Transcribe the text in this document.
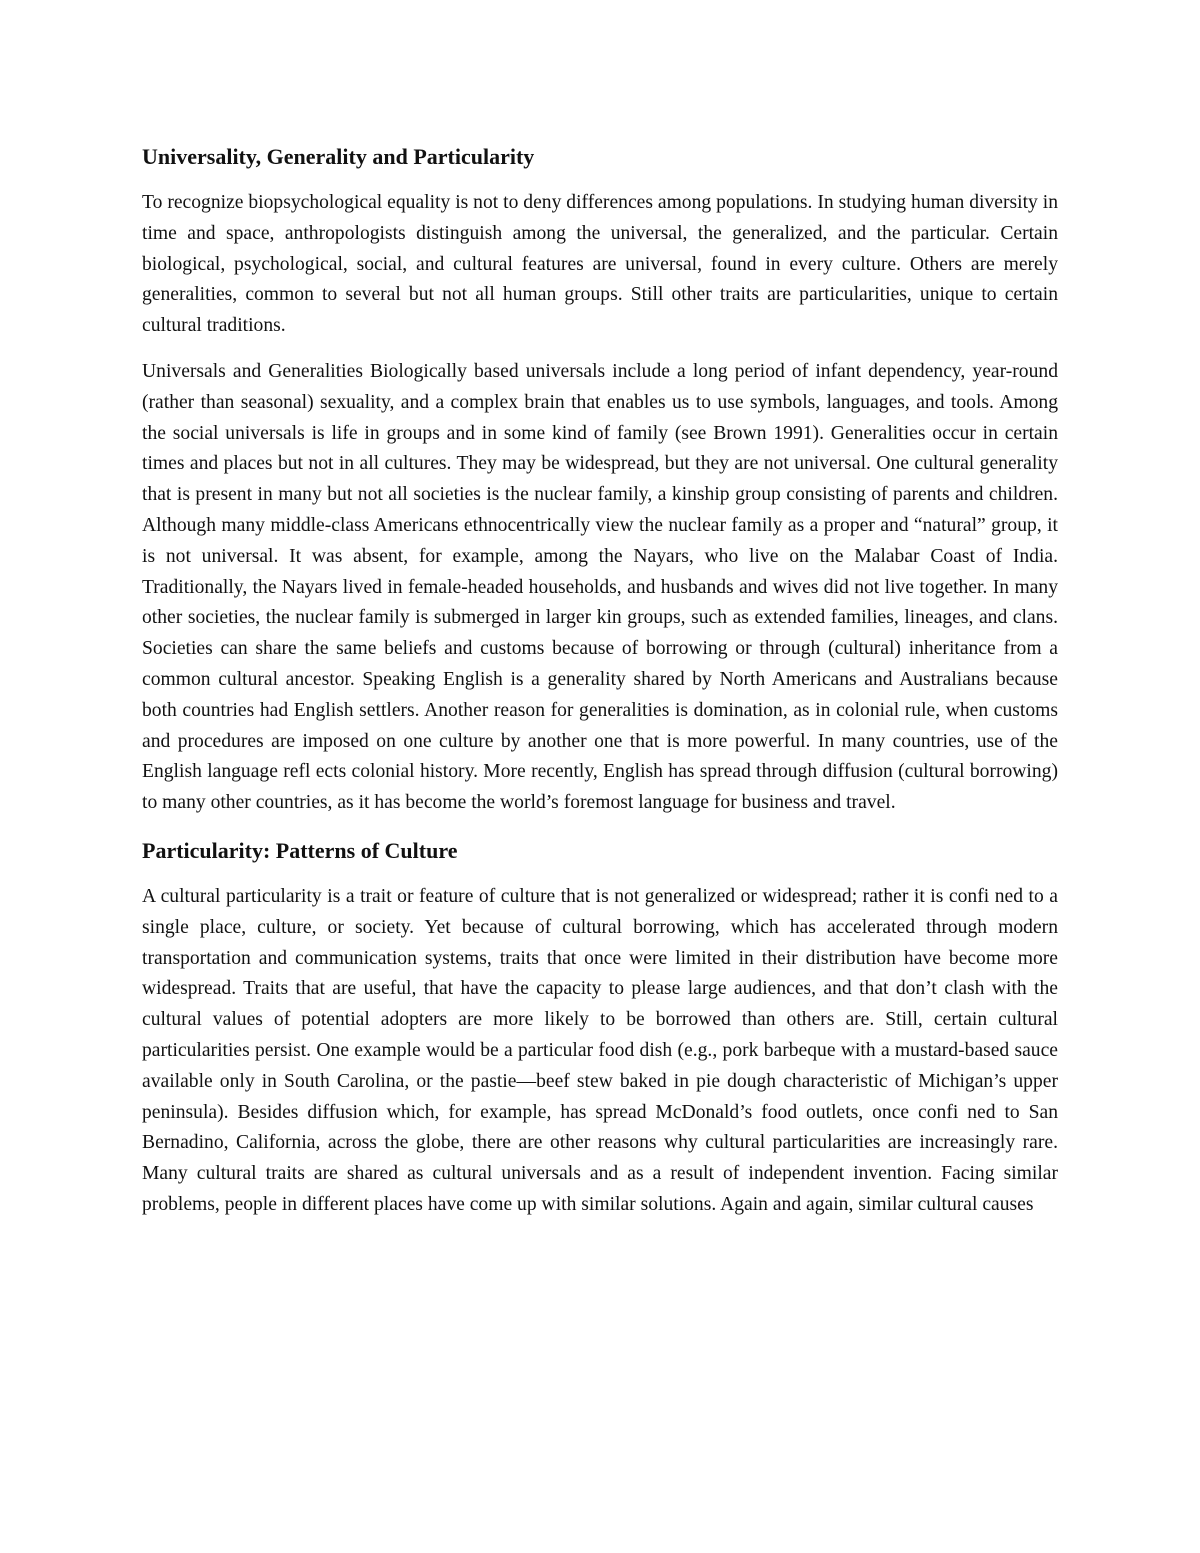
Universality, Generality and Particularity

To recognize biopsychological equality is not to deny differences among populations. In studying human diversity in time and space, anthropologists distinguish among the universal, the generalized, and the particular. Certain biological, psychological, social, and cultural features are universal, found in every culture. Others are merely generalities, common to several but not all human groups. Still other traits are particularities, unique to certain cultural traditions.

Universals and Generalities Biologically based universals include a long period of infant dependency, year-round (rather than seasonal) sexuality, and a complex brain that enables us to use symbols, languages, and tools. Among the social universals is life in groups and in some kind of family (see Brown 1991). Generalities occur in certain times and places but not in all cultures. They may be widespread, but they are not universal. One cultural generality that is present in many but not all societies is the nuclear family, a kinship group consisting of parents and children. Although many middle-class Americans ethnocentrically view the nuclear family as a proper and “natural” group, it is not universal. It was absent, for example, among the Nayars, who live on the Malabar Coast of India. Traditionally, the Nayars lived in female-headed households, and husbands and wives did not live together. In many other societies, the nuclear family is submerged in larger kin groups, such as extended families, lineages, and clans. Societies can share the same beliefs and customs because of borrowing or through (cultural) inheritance from a common cultural ancestor. Speaking English is a generality shared by North Americans and Australians because both countries had English settlers. Another reason for generalities is domination, as in colonial rule, when customs and procedures are imposed on one culture by another one that is more powerful. In many countries, use of the English language refl ects colonial history. More recently, English has spread through diffusion (cultural borrowing) to many other countries, as it has become the world’s foremost language for business and travel.

Particularity: Patterns of Culture

A cultural particularity is a trait or feature of culture that is not generalized or widespread; rather it is confi ned to a single place, culture, or society. Yet because of cultural borrowing, which has accelerated through modern transportation and communication systems, traits that once were limited in their distribution have become more widespread. Traits that are useful, that have the capacity to please large audiences, and that don’t clash with the cultural values of potential adopters are more likely to be borrowed than others are. Still, certain cultural particularities persist. One example would be a particular food dish (e.g., pork barbeque with a mustard-based sauce available only in South Carolina, or the pastie—beef stew baked in pie dough characteristic of Michigan’s upper peninsula). Besides diffusion which, for example, has spread McDonald’s food outlets, once confi ned to San Bernadino, California, across the globe, there are other reasons why cultural particularities are increasingly rare. Many cultural traits are shared as cultural universals and as a result of independent invention. Facing similar problems, people in different places have come up with similar solutions. Again and again, similar cultural causes
